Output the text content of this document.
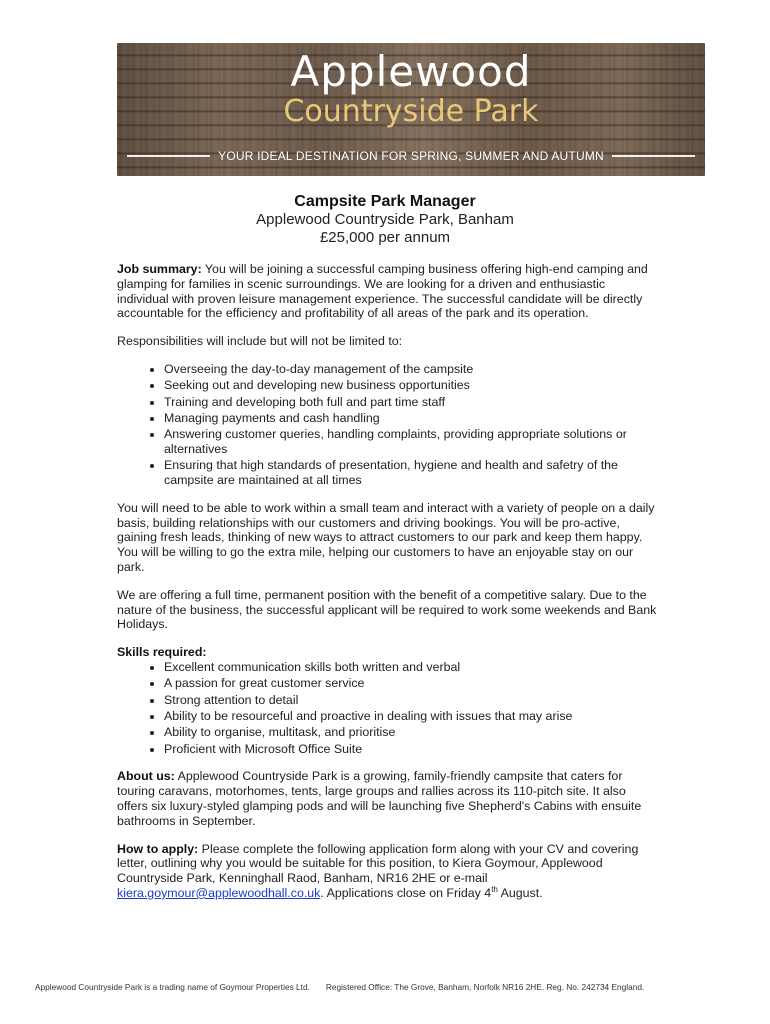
Applewood
Countryside Park
YOUR IDEAL DESTINATION FOR SPRING, SUMMER AND AUTUMN
Campsite Park Manager
Applewood Countryside Park, Banham
£25,000 per annum

Job summary: You will be joining a successful camping business offering high-end camping and glamping for families in scenic surroundings. We are looking for a driven and enthusiastic individual with proven leisure management experience. The successful candidate will be directly accountable for the efficiency and profitability of all areas of the park and its operation.

Responsibilities will include but will not be limited to:

• Overseeing the day-to-day management of the campsite
• Seeking out and developing new business opportunities
• Training and developing both full and part time staff
• Managing payments and cash handling
• Answering customer queries, handling complaints, providing appropriate solutions or alternatives
• Ensuring that high standards of presentation, hygiene and health and safetry of the campsite are maintained at all times

You will need to be able to work within a small team and interact with a variety of people on a daily basis, building relationships with our customers and driving bookings. You will be pro-active, gaining fresh leads, thinking of new ways to attract customers to our park and keep them happy. You will be willing to go the extra mile, helping our customers to have an enjoyable stay on our park.

We are offering a full time, permanent position with the benefit of a competitive salary. Due to the nature of the business, the successful applicant will be required to work some weekends and Bank Holidays.

Skills required:

• Excellent communication skills both written and verbal
• A passion for great customer service
• Strong attention to detail
• Ability to be resourceful and proactive in dealing with issues that may arise
• Ability to organise, multitask, and prioritise
• Proficient with Microsoft Office Suite

About us: Applewood Countryside Park is a growing, family-friendly campsite that caters for touring caravans, motorhomes, tents, large groups and rallies across its 110-pitch site. It also offers six luxury-styled glamping pods and will be launching five Shepherd's Cabins with ensuite bathrooms in September.

How to apply: Please complete the following application form along with your CV and covering letter, outlining why you would be suitable for this position, to Kiera Goymour, Applewood Countryside Park, Kenninghall Raod, Banham, NR16 2HE or e-mail kiera.goymour@applewoodhall.co.uk. Applications close on Friday 4th August.

Applewood Countryside Park is a trading name of Goymour Properties Ltd. Registered Office: The Grove, Banham, Norfolk NR16 2HE. Reg. No. 242734 England.
